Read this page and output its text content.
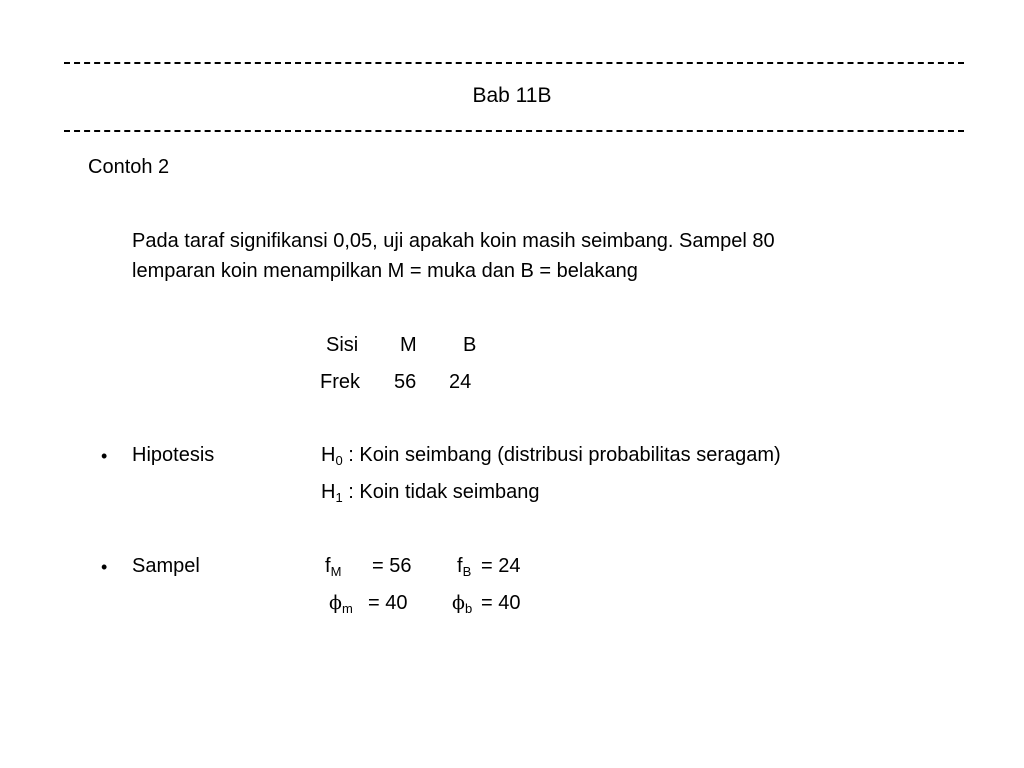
Bab 11B
Contoh 2
Pada taraf signifikansi 0,05, uji apakah koin masih seimbang. Sampel 80
lemparan koin menampilkan M = muka dan B = belakang
Sisi M B
Frek 56 24
• Hipotesis	$H_0$ : Koin seimbang (distribusi probabilitas seragam)
$H_1$ : Koin tidak seimbang
• Sampel	$f_M = 56$ $f_B = 24$
$\phi_m = 40$ $\phi_b = 40$
